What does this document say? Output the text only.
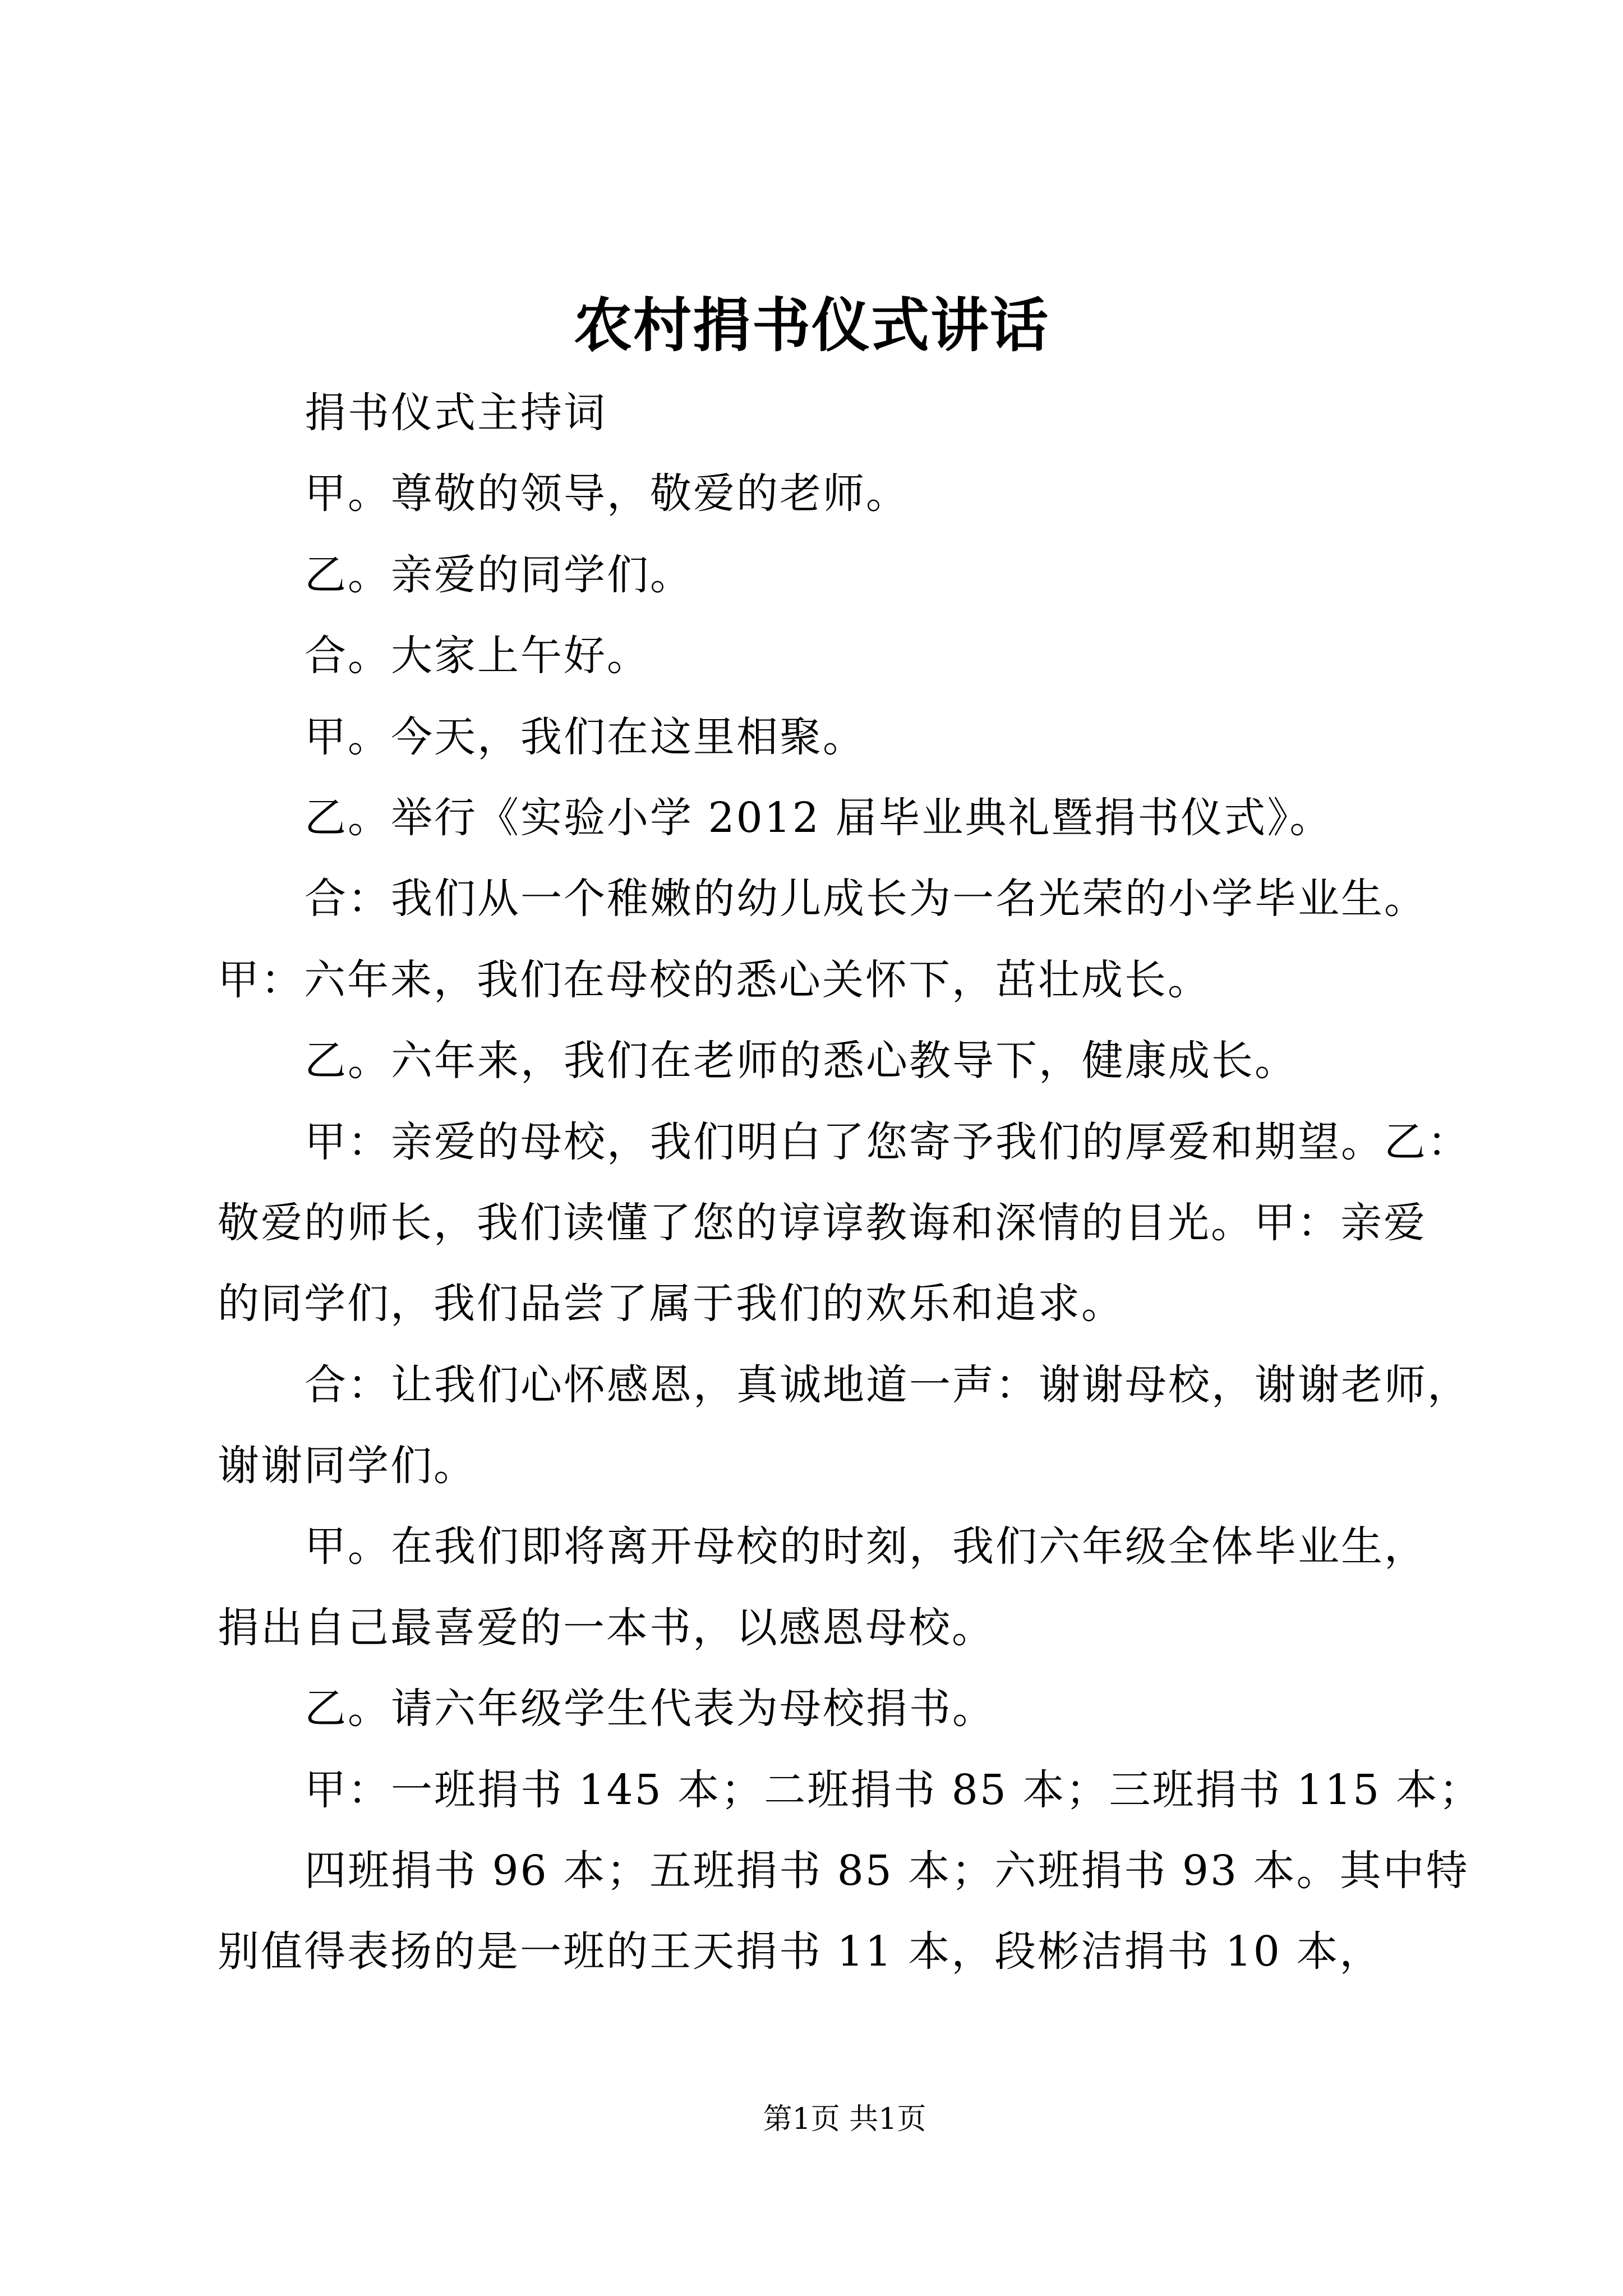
农村捐书仪式讲话
捐书仪式主持词
甲。尊敬的领导，敬爱的老师。
乙。亲爱的同学们。
合。大家上午好。
甲。今天，我们在这里相聚。
乙。举行《实验小学 2012 届毕业典礼暨捐书仪式》。
合：我们从一个稚嫩的幼儿成长为一名光荣的小学毕业生。
甲：六年来，我们在母校的悉心关怀下，茁壮成长。
乙。六年来，我们在老师的悉心教导下，健康成长。
甲：亲爱的母校，我们明白了您寄予我们的厚爱和期望。乙：
敬爱的师长，我们读懂了您的谆谆教诲和深情的目光。甲：亲爱
的同学们，我们品尝了属于我们的欢乐和追求。
合：让我们心怀感恩，真诚地道一声：谢谢母校，谢谢老师，
谢谢同学们。
甲。在我们即将离开母校的时刻，我们六年级全体毕业生，
捐出自己最喜爱的一本书，以感恩母校。
乙。请六年级学生代表为母校捐书。
甲：一班捐书 145 本；二班捐书 85 本；三班捐书 115 本；
四班捐书 96 本；五班捐书 85 本；六班捐书 93 本。其中特
别值得表扬的是一班的王天捐书 11 本，段彬洁捐书 10 本，
第1页 共1页
